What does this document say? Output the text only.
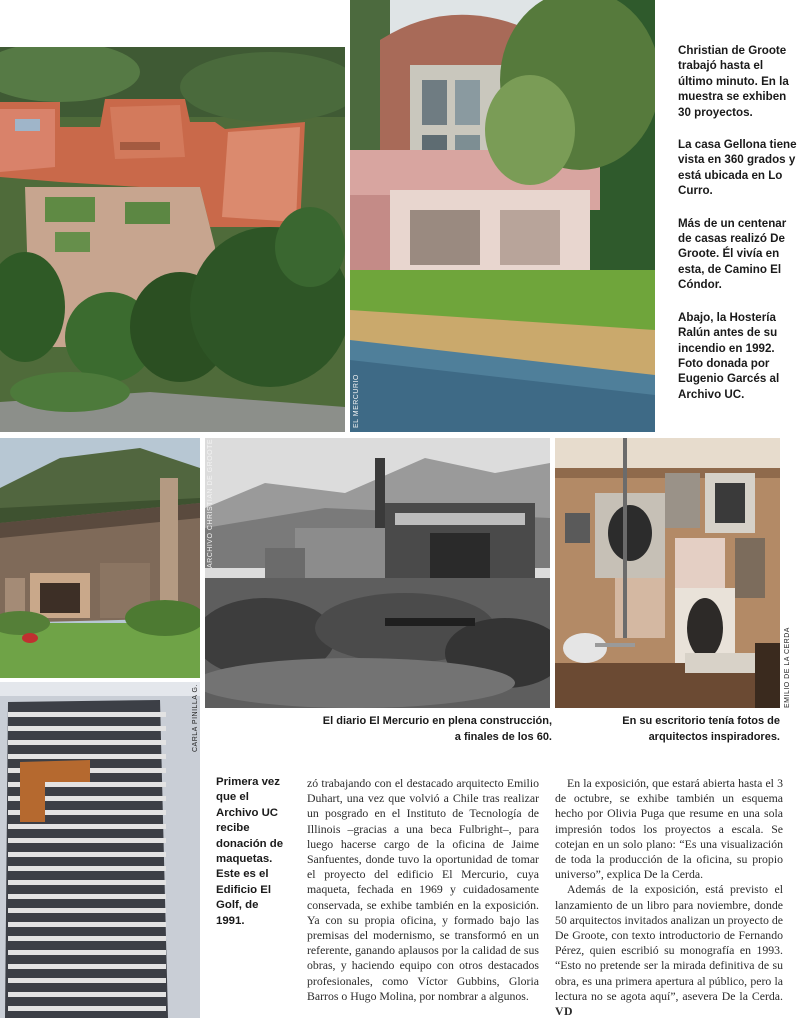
EL MERCURIO

Christian de Groote trabajó hasta el último minuto. En la muestra se exhiben 30 proyectos.

La casa Gellona tiene vista en 360 grados y está ubicada en Lo Curro.

Más de un centenar de casas realizó De Groote. Él vivía en esta, de Camino El Cóndor.

Abajo, la Hostería Ralún antes de su incendio en 1992. Foto donada por Eugenio Garcés al Archivo UC.

ARCHIVO CHRISTIAN DE GROOTE
EMILIO DE LA CERDA
CARLA PINILLA G.	El diario El Mercurio en plena construcción, a finales de los 60.
En su escritorio tenía fotos de arquitectos inspiradores.
Primera vez que el Archivo UC recibe donación de maquetas. Este es el Edificio El Golf, de 1991.

zó trabajando con el destacado arquitecto Emilio Duhart, una vez que volvió a Chile tras realizar un posgrado en el Instituto de Tecnología de Illinois –gracias a una beca Fulbright–, para luego hacerse cargo de la oficina de Jaime Sanfuentes, donde tuvo la oportunidad de tomar el proyecto del edificio El Mercurio, cuya maqueta, fechada en 1969 y cuidadosamente conservada, se exhibe también en la exposición. Ya con su propia oficina, y formado bajo las premisas del modernismo, se transformó en un referente, ganando aplausos por la calidad de sus obras, y haciendo equipo con otros destacados profesionales, como Víctor Gubbins, Gloria Barros o Hugo Molina, por nombrar a algunos.

En la exposición, que estará abierta hasta el 3 de octubre, se exhibe también un esquema hecho por Olivia Puga que resume en una sola impresión todos los proyectos a escala. Se cotejan en un solo plano: “Es una visualización de toda la producción de la oficina, su propio universo”, explica De la Cerda.

Además de la exposición, está previsto el lanzamiento de un libro para noviembre, donde 50 arquitectos invitados analizan un proyecto de De Groote, con texto introductorio de Fernando Pérez, quien escribió su monografía en 1993. “Esto no pretende ser la mirada definitiva de su obra, es una primera apertura al público, pero la lectura no se agota aquí”, asevera De la Cerda. VD
